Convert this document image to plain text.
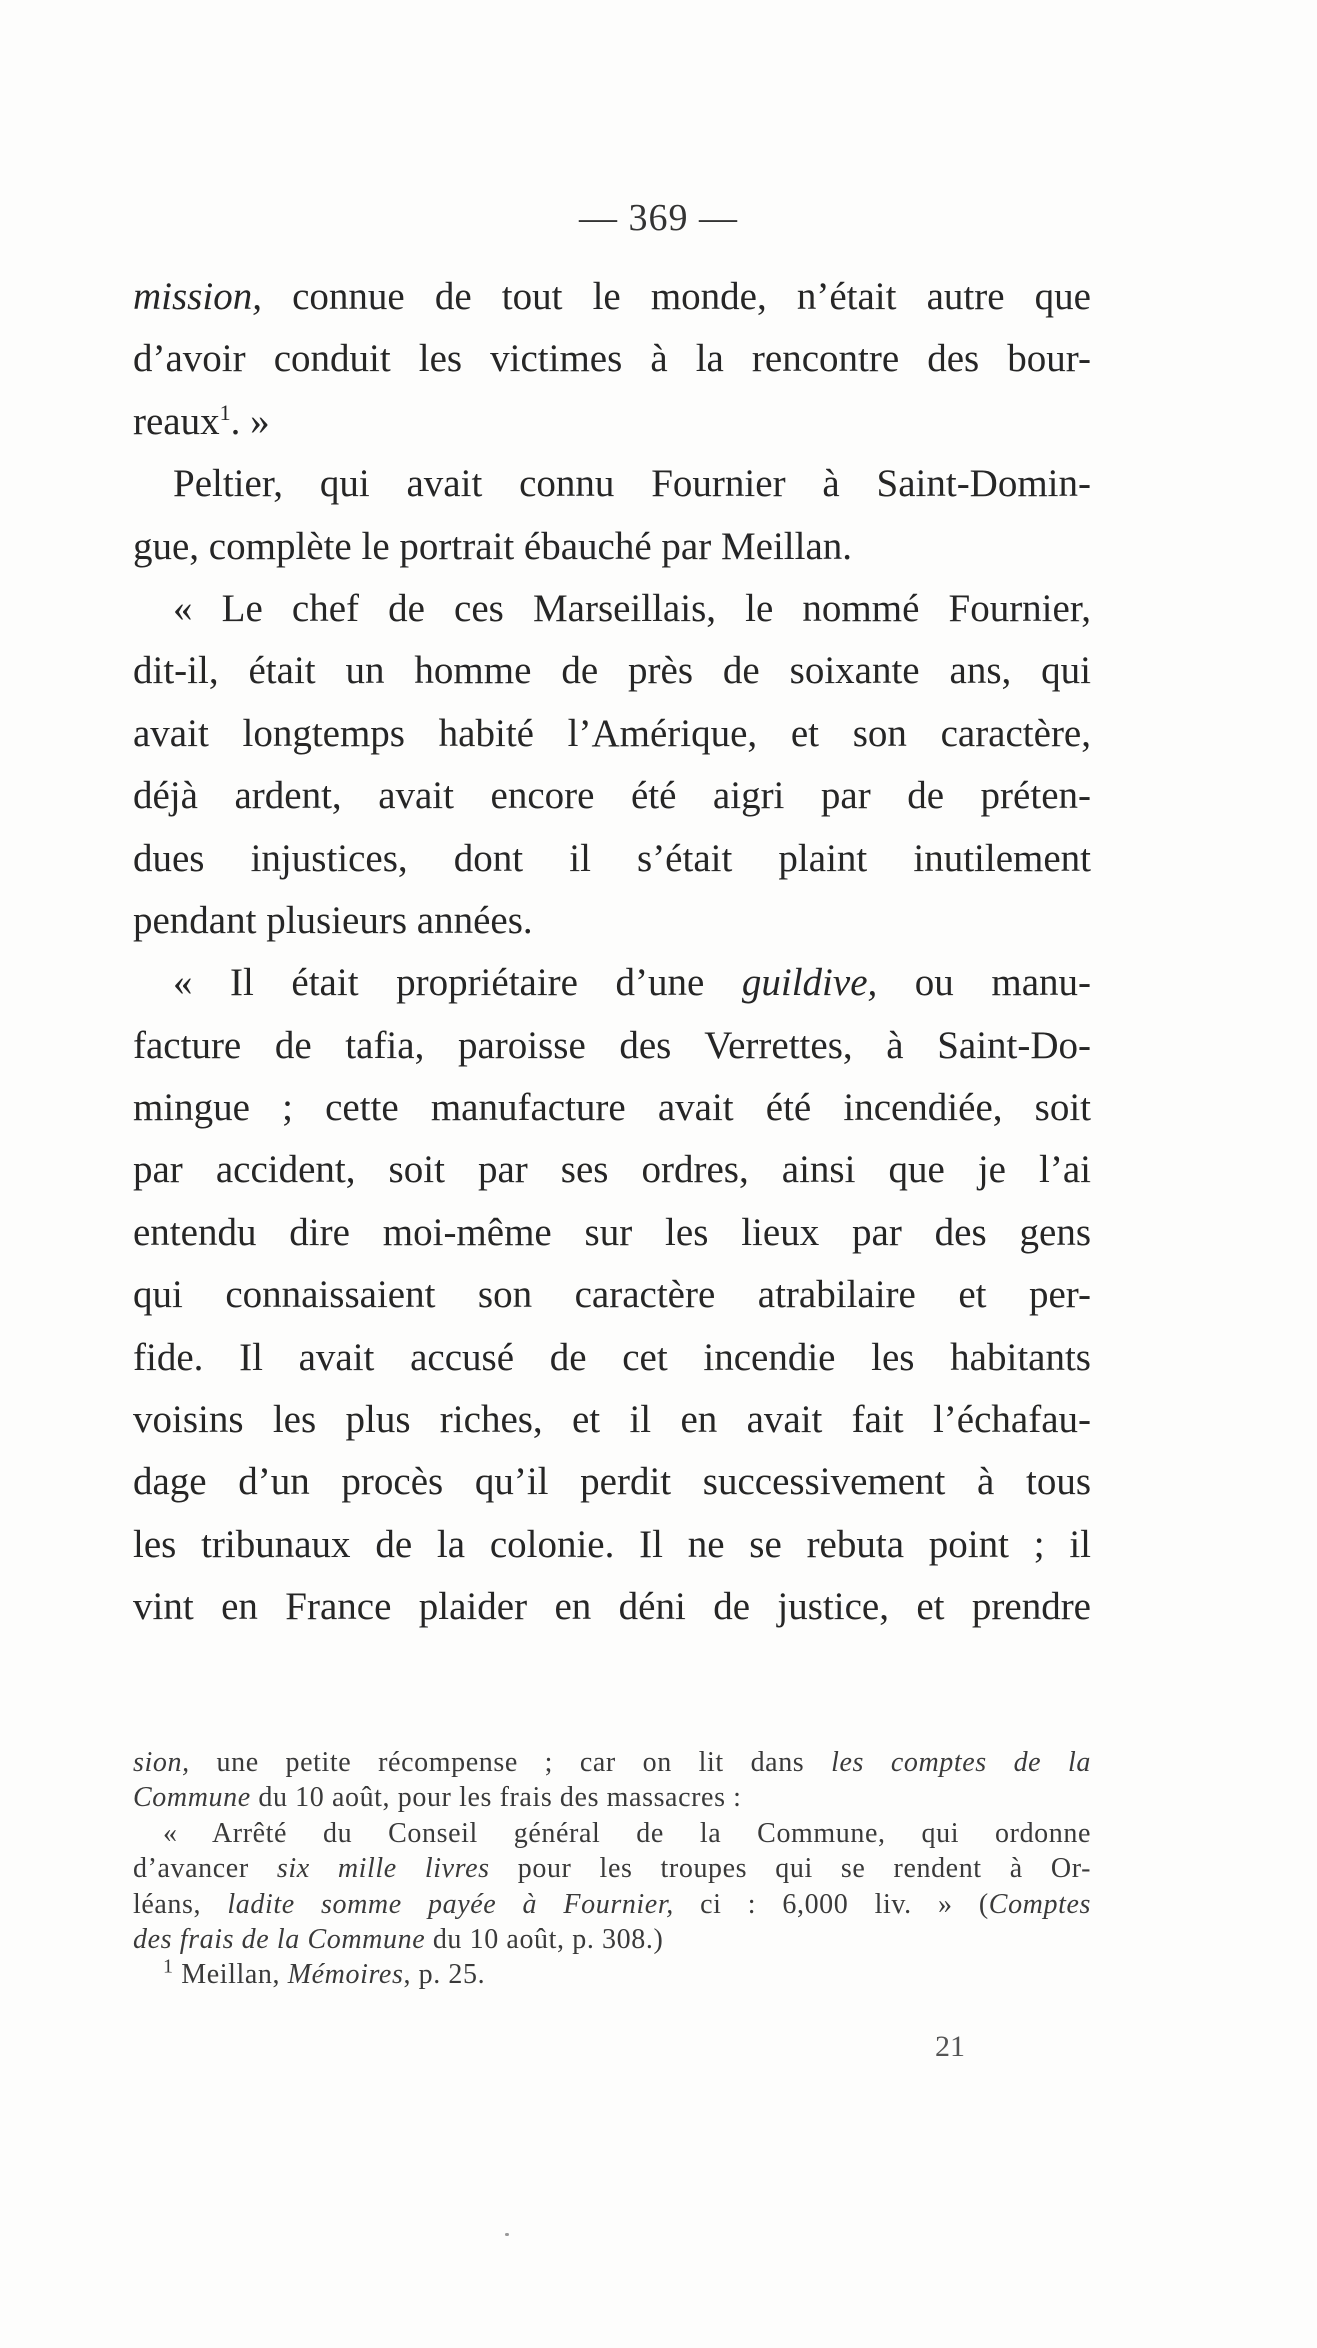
— 369 —
mission, connue de tout le monde, n’était autre que
d’avoir conduit les victimes à la rencontre des bour-
reaux$^1$. »
Peltier, qui avait connu Fournier à Saint-Domin-
gue, complète le portrait ébauché par Meillan.
« Le chef de ces Marseillais, le nommé Fournier,
dit-il, était un homme de près de soixante ans, qui
avait longtemps habité l’Amérique, et son caractère,
déjà ardent, avait encore été aigri par de préten-
dues injustices, dont il s’était plaint inutilement
pendant plusieurs années.
« Il était propriétaire d’une guildive, ou manu-
facture de tafia, paroisse des Verrettes, à Saint-Do-
mingue ; cette manufacture avait été incendiée, soit
par accident, soit par ses ordres, ainsi que je l’ai
entendu dire moi-même sur les lieux par des gens
qui connaissaient son caractère atrabilaire et per-
fide. Il avait accusé de cet incendie les habitants
voisins les plus riches, et il en avait fait l’échafau-
dage d’un procès qu’il perdit successivement à tous
les tribunaux de la colonie. Il ne se rebuta point ; il
vint en France plaider en déni de justice, et prendre
sion, une petite récompense ; car on lit dans les comptes de la
Commune du 10 août, pour les frais des massacres :
« Arrêté du Conseil général de la Commune, qui ordonne
d’avancer six mille livres pour les troupes qui se rendent à Or-
léans, ladite somme payée à Fournier, ci : 6,000 liv. » (Comptes
des frais de la Commune du 10 août, p. 308.)
$^1$ Meillan, Mémoires, p. 25.
21
